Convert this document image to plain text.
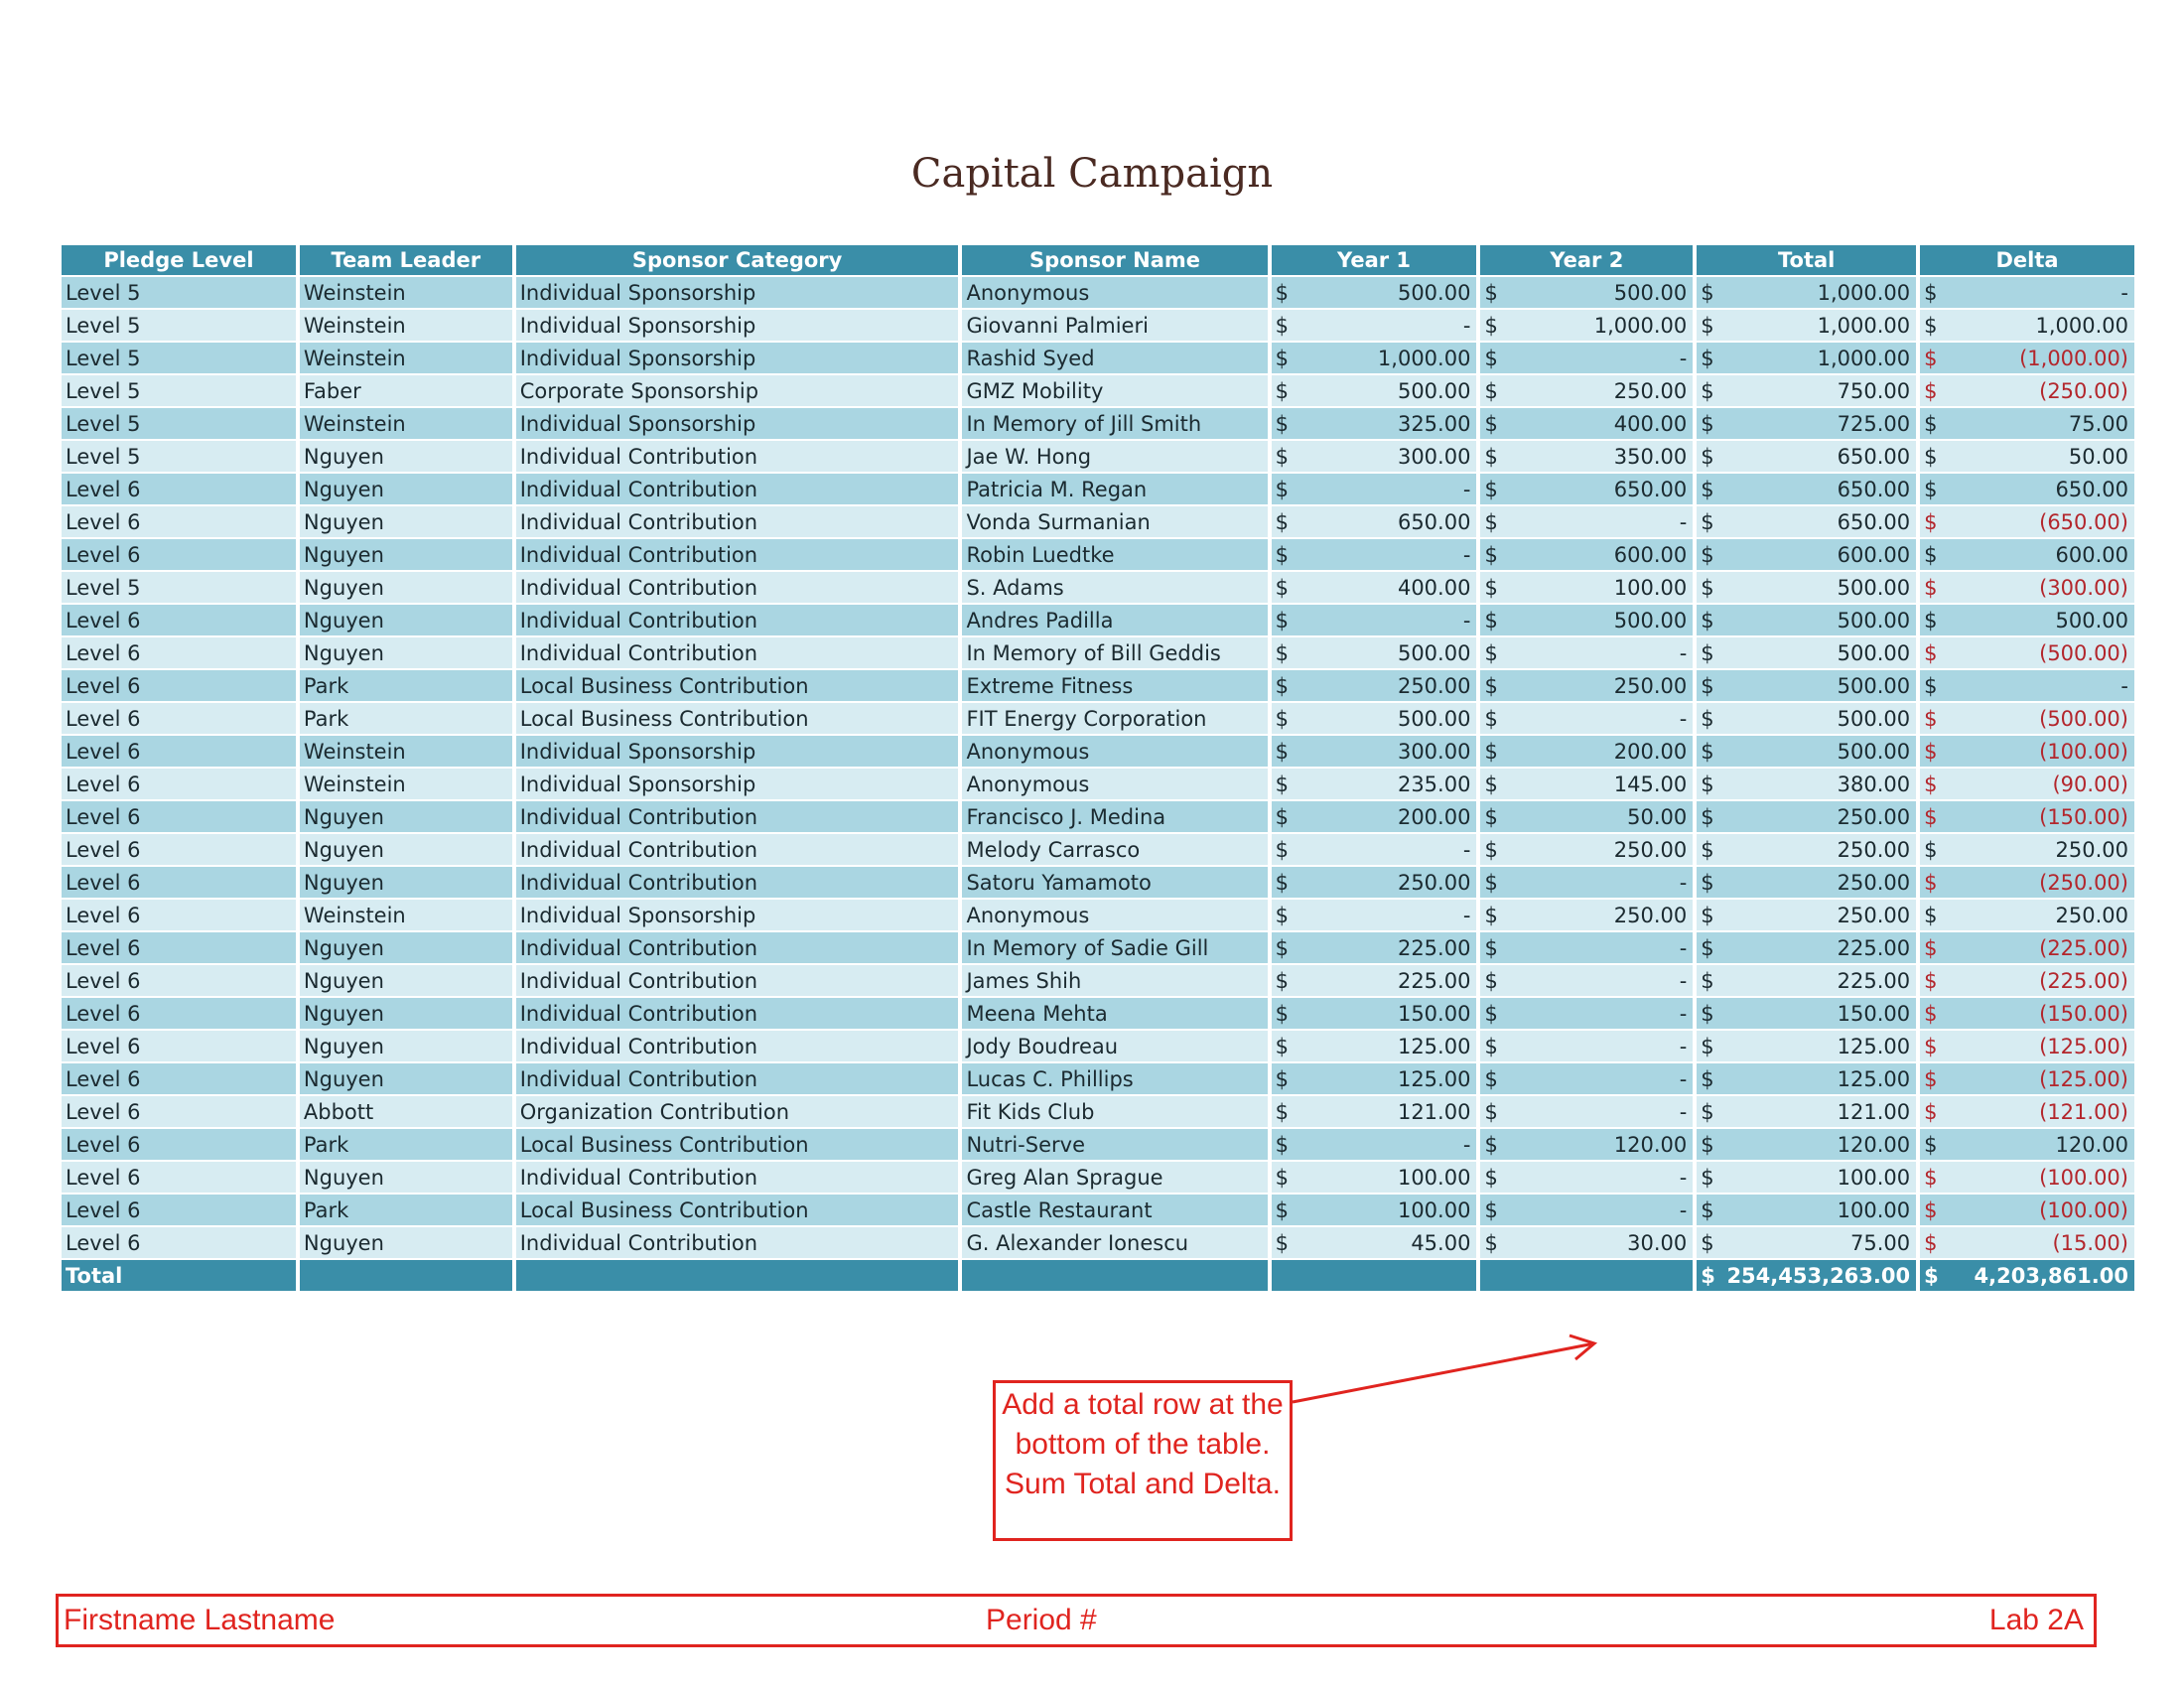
Capital Campaign
Pledge Level	Team Leader	Sponsor Category	Sponsor Name	Year 1	Year 2	Total	Delta
Level 5	Weinstein	Individual Sponsorship	Anonymous	$ 500.00	$ 500.00	$ 1,000.00	$ -

Level 5	Weinstein	Individual Sponsorship	Giovanni Palmieri	$ -	$ 1,000.00	$ 1,000.00	$ 1,000.00

Level 5	Weinstein	Individual Sponsorship	Rashid Syed	$ 1,000.00	$ -	$ 1,000.00	$ (1,000.00)

Level 5	Faber	Corporate Sponsorship	GMZ Mobility	$ 500.00	$ 250.00	$ 750.00	$ (250.00)

Level 5	Weinstein	Individual Sponsorship	In Memory of Jill Smith	$ 325.00	$ 400.00	$ 725.00	$ 75.00

Level 5	Nguyen	Individual Contribution	Jae W. Hong	$ 300.00	$ 350.00	$ 650.00	$ 50.00

Level 6	Nguyen	Individual Contribution	Patricia M. Regan	$ -	$ 650.00	$ 650.00	$ 650.00

Level 6	Nguyen	Individual Contribution	Vonda Surmanian	$ 650.00	$ -	$ 650.00	$ (650.00)

Level 6	Nguyen	Individual Contribution	Robin Luedtke	$ -	$ 600.00	$ 600.00	$ 600.00

Level 5	Nguyen	Individual Contribution	S. Adams	$ 400.00	$ 100.00	$ 500.00	$ (300.00)

Level 6	Nguyen	Individual Contribution	Andres Padilla	$ -	$ 500.00	$ 500.00	$ 500.00

Level 6	Nguyen	Individual Contribution	In Memory of Bill Geddis	$ 500.00	$ -	$ 500.00	$ (500.00)

Level 6	Park	Local Business Contribution	Extreme Fitness	$ 250.00	$ 250.00	$ 500.00	$ -

Level 6	Park	Local Business Contribution	FIT Energy Corporation	$ 500.00	$ -	$ 500.00	$ (500.00)

Level 6	Weinstein	Individual Sponsorship	Anonymous	$ 300.00	$ 200.00	$ 500.00	$ (100.00)

Level 6	Weinstein	Individual Sponsorship	Anonymous	$ 235.00	$ 145.00	$ 380.00	$ (90.00)

Level 6	Nguyen	Individual Contribution	Francisco J. Medina	$ 200.00	$ 50.00	$ 250.00	$ (150.00)

Level 6	Nguyen	Individual Contribution	Melody Carrasco	$ -	$ 250.00	$ 250.00	$ 250.00

Level 6	Nguyen	Individual Contribution	Satoru Yamamoto	$ 250.00	$ -	$ 250.00	$ (250.00)

Level 6	Weinstein	Individual Sponsorship	Anonymous	$ -	$ 250.00	$ 250.00	$ 250.00

Level 6	Nguyen	Individual Contribution	In Memory of Sadie Gill	$ 225.00	$ -	$ 225.00	$ (225.00)

Level 6	Nguyen	Individual Contribution	James Shih	$ 225.00	$ -	$ 225.00	$ (225.00)

Level 6	Nguyen	Individual Contribution	Meena Mehta	$ 150.00	$ -	$ 150.00	$ (150.00)

Level 6	Nguyen	Individual Contribution	Jody Boudreau	$ 125.00	$ -	$ 125.00	$ (125.00)

Level 6	Nguyen	Individual Contribution	Lucas C. Phillips	$ 125.00	$ -	$ 125.00	$ (125.00)

Level 6	Abbott	Organization Contribution	Fit Kids Club	$ 121.00	$ -	$ 121.00	$ (121.00)

Level 6	Park	Local Business Contribution	Nutri-Serve	$ -	$ 120.00	$ 120.00	$ 120.00

Level 6	Nguyen	Individual Contribution	Greg Alan Sprague	$ 100.00	$ -	$ 100.00	$ (100.00)

Level 6	Park	Local Business Contribution	Castle Restaurant	$ 100.00	$ -	$ 100.00	$ (100.00)

Level 6	Nguyen	Individual Contribution	G. Alexander Ionescu	$ 45.00	$ 30.00	$ 75.00	$ (15.00)

Total						$ 254,453,263.00	$ 4,203,861.00
Add a total row at the bottom of the table. Sum Total and Delta.
Firstname Lastname	Period #	Lab 2A
